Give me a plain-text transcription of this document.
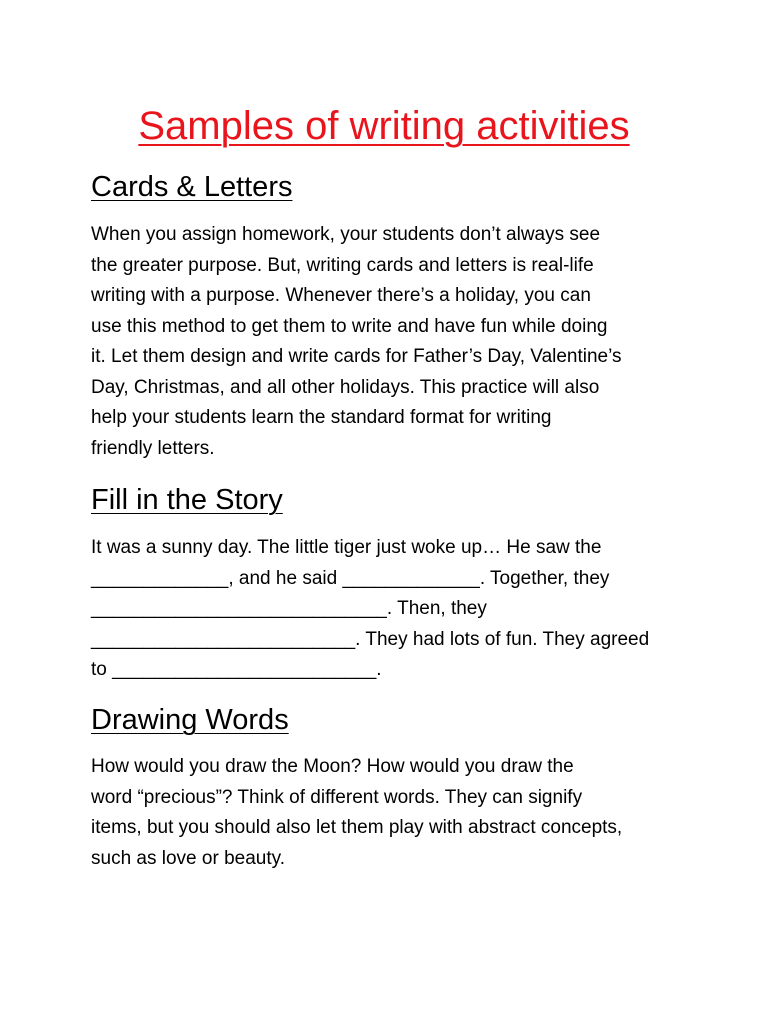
Samples of writing activities
Cards & Letters
When you assign homework, your students don’t always see
the greater purpose. But, writing cards and letters is real-life
writing with a purpose. Whenever there’s a holiday, you can
use this method to get them to write and have fun while doing
it. Let them design and write cards for Father’s Day, Valentine’s
Day, Christmas, and all other holidays. This practice will also
help your students learn the standard format for writing
friendly letters.
Fill in the Story
It was a sunny day. The little tiger just woke up… He saw the
_____________, and he said _____________. Together, they
____________________________. Then, they
_________________________. They had lots of fun. They agreed
to _________________________.
Drawing Words
How would you draw the Moon? How would you draw the
word “precious”? Think of different words. They can signify
items, but you should also let them play with abstract concepts,
such as love or beauty.
